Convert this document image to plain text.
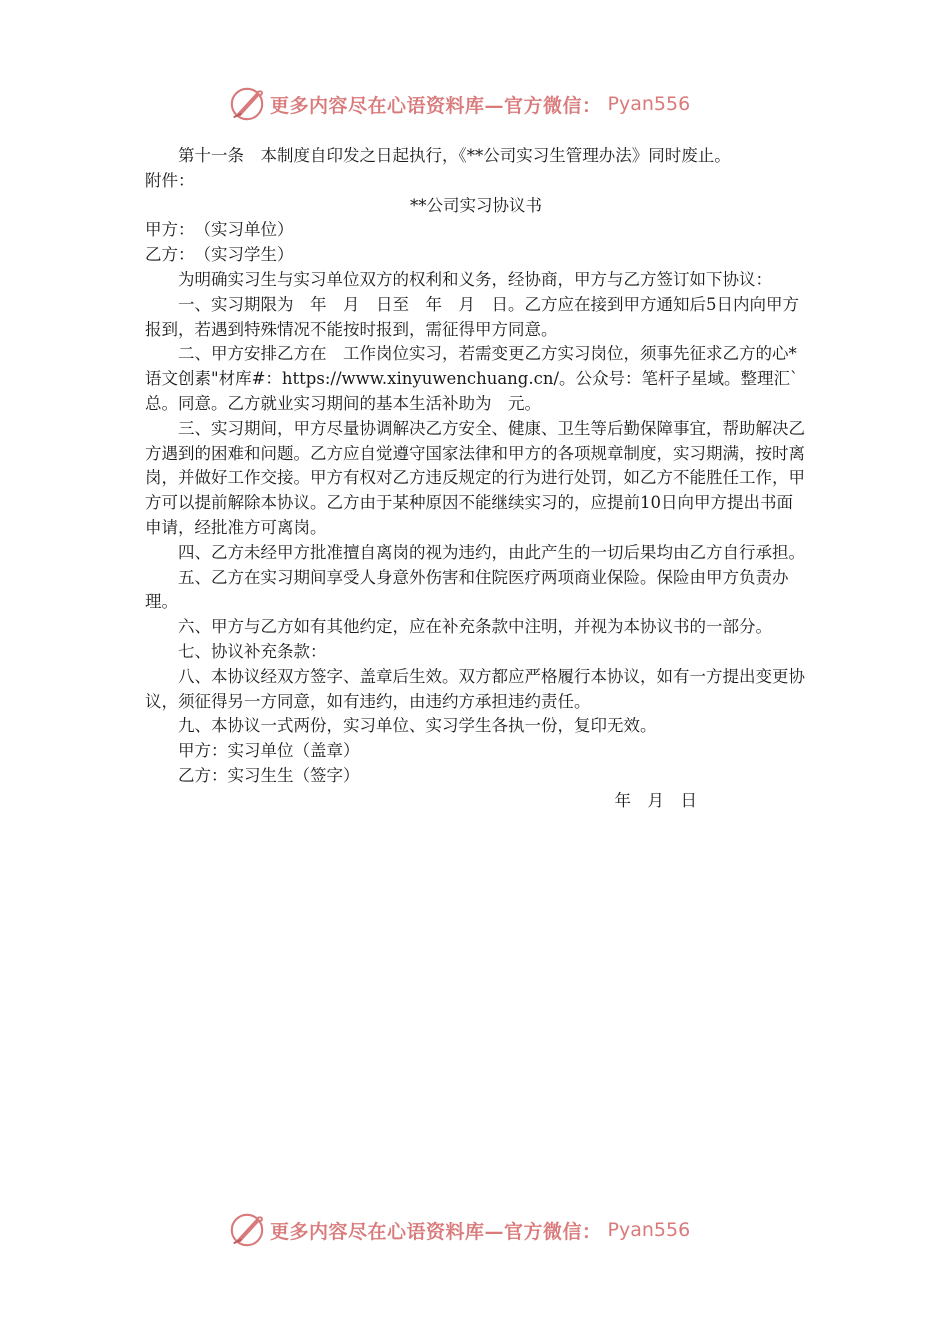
更多内容尽在心语资料库—官方微信： Pyan556

第十一条　本制度自印发之日起执行，《**公司实习生管理办法》同时废止。

附件：

**公司实习协议书

甲方：　（实习单位）

乙方：　（实习学生）

为明确实习生与实习单位双方的权利和义务，经协商，甲方与乙方签订如下协议：

一、实习期限为　年　月　日至　年　月　日。乙方应在接到甲方通知后5日内向甲方报到，若遇到特殊情况不能按时报到，需征得甲方同意。

二、甲方安排乙方在　工作岗位实习，若需变更乙方实习岗位，须事先征求乙方的心*语文创素"材库#：https://www.xinyuwenchuang.cn/。公众号：笔杆子星域。整理汇`总。同意。乙方就业实习期间的基本生活补助为　元。

三、实习期间，甲方尽量协调解决乙方安全、健康、卫生等后勤保障事宜，帮助解决乙方遇到的困难和问题。乙方应自觉遵守国家法律和甲方的各项规章制度，实习期满，按时离岗，并做好工作交接。甲方有权对乙方违反规定的行为进行处罚，如乙方不能胜任工作，甲方可以提前解除本协议。乙方由于某种原因不能继续实习的，应提前10日向甲方提出书面申请，经批准方可离岗。

四、乙方未经甲方批准擅自离岗的视为违约，由此产生的一切后果均由乙方自行承担。

五、乙方在实习期间享受人身意外伤害和住院医疗两项商业保险。保险由甲方负责办理。

六、甲方与乙方如有其他约定，应在补充条款中注明，并视为本协议书的一部分。

七、协议补充条款：

八、本协议经双方签字、盖章后生效。双方都应严格履行本协议，如有一方提出变更协议，须征得另一方同意，如有违约，由违约方承担违约责任。

九、本协议一式两份，实习单位、实习学生各执一份，复印无效。

甲方：实习单位（盖章）

乙方：实习生生（签字）

年　月　日

更多内容尽在心语资料库—官方微信： Pyan556
